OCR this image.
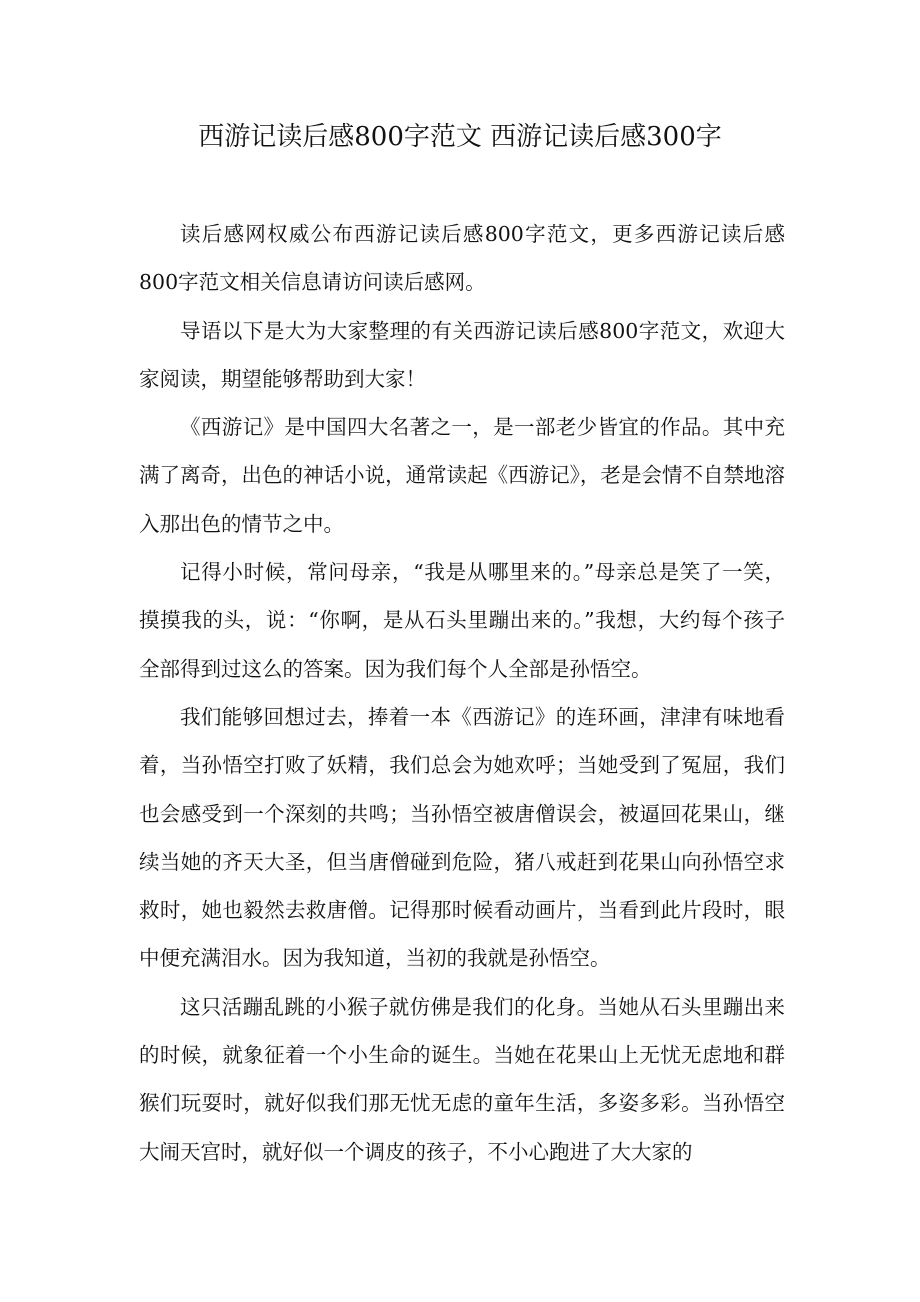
西游记读后感800字范文 西游记读后感300字

读后感网权威公布西游记读后感800字范文，更多西游记读后感800字范文相关信息请访问读后感网。

导语以下是大为大家整理的有关西游记读后感800字范文，欢迎大家阅读，期望能够帮助到大家！

《西游记》是中国四大名著之一，是一部老少皆宜的作品。其中充满了离奇，出色的神话小说，通常读起《西游记》，老是会情不自禁地溶入那出色的情节之中。

记得小时候，常问母亲，“我是从哪里来的。”母亲总是笑了一笑，摸摸我的头，说：“你啊，是从石头里蹦出来的。”我想，大约每个孩子全部得到过这么的答案。因为我们每个人全部是孙悟空。

我们能够回想过去，捧着一本《西游记》的连环画，津津有味地看着，当孙悟空打败了妖精，我们总会为她欢呼；当她受到了冤屈，我们也会感受到一个深刻的共鸣；当孙悟空被唐僧误会，被逼回花果山，继续当她的齐天大圣，但当唐僧碰到危险，猪八戒赶到花果山向孙悟空求救时，她也毅然去救唐僧。记得那时候看动画片，当看到此片段时，眼中便充满泪水。因为我知道，当初的我就是孙悟空。

这只活蹦乱跳的小猴子就仿佛是我们的化身。当她从石头里蹦出来的时候，就象征着一个小生命的诞生。当她在花果山上无忧无虑地和群猴们玩耍时，就好似我们那无忧无虑的童年生活，多姿多彩。当孙悟空大闹天宫时，就好似一个调皮的孩子，不小心跑进了大大家的
